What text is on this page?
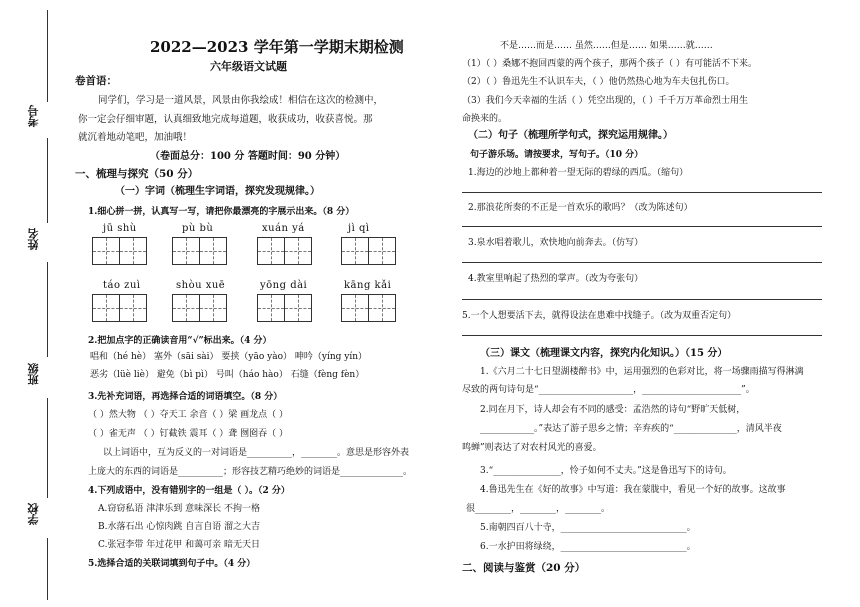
考号
姓名
班级
学校
2022—2023 学年第一学期末期检测
六年级语文试题
卷首语：
同学们，学习是一道风景，风景由你我绘成！相信在这次的检测中，
你一定会仔细审题，认真细致地完成每道题，收获成功，收获喜悦。那
就沉着地动笔吧，加油哦！
（卷面总分：100 分 答题时间：90 分钟）
一、梳理与探究（50 分）
（一）字词（梳理生字词语，探究发现规律。）
1.细心拼一拼，认真写一写，请把你最漂亮的字展示出来。（8 分）
jū shù	pù bù	xuán yá	jì qì
táo zuì	shòu xuē	yōng dài	kāng kǎi
2.把加点字的正确读音用“√”标出来。（4 分）
唱和（hé hè） 塞外（sāi sài） 要挟（yāo yào） 呻吟（yíng yín）
恶劣（lüè liè） 避免（bì pì） 号叫（háo hào） 石缝（fèng fèn）
3.先补充词语，再选择合适的词语填空。（8 分）
（ ）然大物 （ ）夺天工 余音（ ）梁 画龙点（ ）
（ ）雀无声 （ ）钉截铁 震耳（ ）聋 囫囵吞（ ）
以上词语中，互为反义的一对词语是__________，________。意思是形容外表
上庞大的东西的词语是__________；形容技艺精巧绝妙的词语是______________。
4.下列成语中，没有错别字的一组是（ ）。（2 分）
A.窃窃私语 津津乐到 意味深长 不拘一格
B.水落石出 心惊肉跳 自言自语 溜之大吉
C.张冠李带 年过花甲 和蔼可亲 暗无天日
5.选择合适的关联词填到句子中。（4 分）
不是……而是…… 虽然……但是…… 如果……就……
（1）（ ）桑娜不抱回西蒙的两个孩子，那两个孩子（ ）有可能活不下来。
（2）（ ）鲁迅先生不认识车夫，（ ）他仍然热心地为车夫包扎伤口。
（3）我们今天幸福的生活（ ）凭空出现的，（ ）千千万万革命烈士用生
命换来的。
（二）句子（梳理所学句式，探究运用规律。）
句子游乐场。请按要求，写句子。（10 分）
1.海边的沙地上都种着一望无际的碧绿的西瓜。（缩句）
2.那浪花所奏的不正是一首欢乐的歌吗？（改为陈述句）
3.泉水唱着歌儿，欢快地向前奔去。（仿写）
4.教室里响起了热烈的掌声。（改为夸张句）
5.一个人想要活下去，就得设法在患难中找缝子。（改为双重否定句）
（三）课文（梳理课文内容，探究内化知识。）（15 分）
1.《六月二十七日望湖楼醉书》中，运用强烈的色彩对比，将一场骤雨描写得淋漓
尽致的两句诗句是“_____________________，______________________”。
2.同在月下，诗人却会有不同的感受：孟浩然的诗句“野旷天低树，
____________。”表达了游子思乡之情；辛弃疾的“______________，清风半夜
鸣蝉”则表达了对农村风光的喜爱。
3.“_______________，怜子如何不丈夫。”这是鲁迅写下的诗句。
4.鲁迅先生在《好的故事》中写道：我在蒙胧中，看见一个好的故事。这故事
很________，________，________。
5.南朝四百八十寺，____________________________。
6.一水护田将绿绕，____________________________。
二、阅读与鉴赏（20 分）
